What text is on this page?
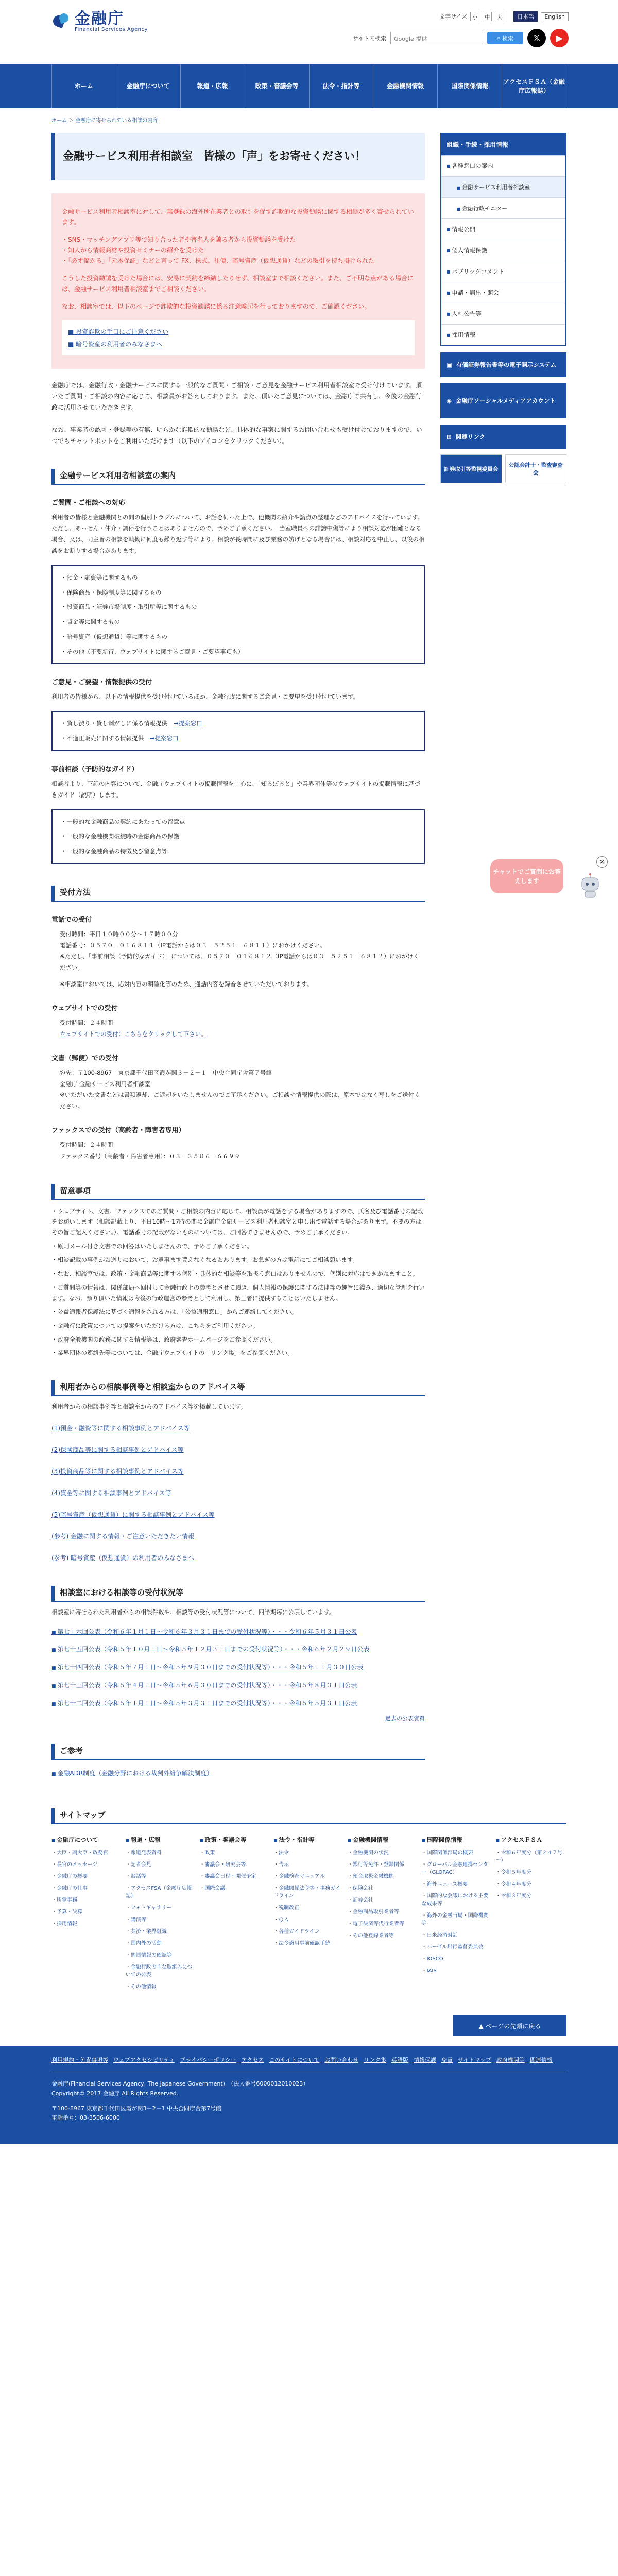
金融庁
Financial Services Agency
文字サイズ	小	中	大	日本語	English
サイト内検索	Google 提供	⌕
検索	𝕏	▶
ホーム	金融庁について	報道・広報	政策・審議会等	法令・指針等	金融機関情報	国際関係情報
アクセスＦＳＡ（金融庁広報誌）
ホーム ＞ 金融庁に寄せられている相談の内容
金融サービス利用者相談室　皆様の「声」をお寄せください！

金融サービス利用者相談室に対して、無登録の海外所在業者との取引を促す詐欺的な投資勧誘に関する相談が多く寄せられています。

・SNS・マッチングアプリ等で知り合った者や著名人を騙る者から投資勧誘を受けた

・知人から情報商材や投資セミナーの紹介を受けた

・「必ず儲かる」「元本保証」などと言って FX、株式、社債、暗号資産（仮想通貨）などの取引を持ち掛けられた

こうした投資勧誘を受けた場合には、安易に契約を締結したりせず、相談室まで相談ください。また、ご不明な点がある場合には、金融サービス利用者相談室までご相談ください。

なお、相談室では、以下のページで詐欺的な投資勧誘に係る注意喚起を行っておりますので、ご確認ください。

■ 投資詐欺の手口にご注意ください
■ 暗号資産の利用者のみなさまへ

金融庁では、金融行政・金融サービスに関する一般的なご質問・ご相談・ご意見を金融サービス利用者相談室で受け付けています。頂いたご質問・ご相談の内容に応じて、相談員がお答えしております。また、頂いたご意見については、金融庁で共有し、今後の金融行政に活用させていただきます。

なお、事業者の認可・登録等の有無、明らかな詐欺的な勧誘など、具体的な事案に関するお問い合わせも受け付けておりますので、いつでもチャットボットをご利用いただけます（以下のアイコンをクリックください）。

金融サービス利用者相談室の案内
ご質問・ご相談への対応

利用者の皆様と金融機関との間の個別トラブルについて、お話を伺った上で、他機関の紹介や論点の整理などのアドバイスを行っています。ただし、あっせん・仲介・調停を行うことはありませんので、予めご了承ください。　当室職員への誹謗中傷等により相談対応が困難となる場合、又は、同主旨の相談を執拗に何度も繰り返す等により、相談が長時間に及び業務の妨げとなる場合には、相談対応を中止し、以後の相談をお断りする場合があります。

・ 預金・融資等に関するもの
・ 保険商品・保険制度等に関するもの
・ 投資商品・証券市場制度・取引所等に関するもの
・ 貸金等に関するもの
・ 暗号資産（仮想通貨）等に関するもの
・ その他（不要新行、ウェブサイトに関するご意見・ご要望事項も）
ご意見・ご要望・情報提供の受付

利用者の皆様から、以下の情報提供を受け付けているほか、金融行政に関するご意見・ご要望を受け付けています。

・ 貸し渋り・貸し剥がしに係る情報提供 →提案窓口
・ 不適正販売に関する情報提供 →提案窓口
事前相談（予防的なガイド）

相談者より、下記の内容について、金融庁ウェブサイトの掲載情報を中心に、「知るぼると」や業界団体等のウェブサイトの掲載情報に基づきガイド（説明）します。

・ 一般的な金融商品の契約にあたっての留意点
・ 一般的な金融機関破綻時の金融商品の保護
・ 一般的な金融商品の特徴及び留意点等
受付方法
電話での受付
受付時間：平日１０時００分～１７時００分
電話番号：０５７０－０１６８１１（IP電話からは０３－５２５１－６８１１）におかけください。
※ただし、「事前相談（予防的なガイド）」については、０５７０－０１６８１２（IP電話からは０３－５２５１－６８１２）におかけください。
※相談室においては、応対内容の明確化等のため、通話内容を録音させていただいております。
ウェブサイトでの受付
受付時間：２４時間
ウェブサイトでの受付：こちらをクリックして下さい。
文書（郵便）での受付
宛先：〒100-8967　東京都千代田区霞が関３－２－１　中央合同庁舎第７号館
金融庁 金融サービス利用者相談室
※いただいた文書などは書類返却、ご返却をいたしませんのでご了承ください。ご相談や情報提供の際は、原本ではなく写しをご送付ください。
ファックスでの受付（高齢者・障害者専用）
受付時間：２４時間
ファックス番号（高齢者・障害者専用）：０３－３５０６－６６９９
留意事項
・ ウェブサイト、文書、ファックスでのご質問・ご相談の内容に応じて、相談員が電話をする場合がありますので、氏名及び電話番号の記載をお願いします（相談記載より、平日10時～17時の間に金融庁金融サービス利用者相談室と申し出て電話する場合があります。不要の方はその旨ご記入ください。）。電話番号の記載がないものについては、ご回答できませんので、予めご了承ください。
・ 原則メール付き文書での回答はいたしませんので、予めご了承ください。
・ 相談記載の事例がお送りにおいて、お返事ます貰えなくなるおあります。お急ぎの方は電話にてご相談願います。
・ なお、相談室では、政策・金融商品等に関する個別・具体的な相談等を取扱う窓口はありませんので、個別に対応はできかねますこと。
・ ご質問等の情報は、関係部局へ回付して金融行政上の参考とさせて頂き、個人情報の保護に関する法律等の趣旨に鑑み、適切な管理を行います。なお、預り頂いた情報は今後の行政運営の参考として利用し、第三者に提供することはいたしません。
・ 公益通報者保護法に基づく通報をされる方は、「公益通報窓口」からご連絡してください。
・ 金融行に政策についての提案をいただける方は、こちらをご利用ください。
・ 政府全般機関の政務に関する情報等は、政府審査ホームページをご参照ください。
・ 業界団体の連絡先等については、金融庁ウェブサイトの「リンク集」をご参照ください。
利用者からの相談事例等と相談室からのアドバイス等

利用者からの相談事例等と相談室からのアドバイス等を掲載しています。

(1)預金・融資等に関する相談事例とアドバイス等
(2)保険商品等に関する相談事例とアドバイス等
(3)投資商品等に関する相談事例とアドバイス等
(4)貸金等に関する相談事例とアドバイス等
(5)暗号資産（仮想通貨）に関する相談事例とアドバイス等
(参考) 金融に関する情報・ご注意いただきたい情報
(参考) 暗号資産（仮想通貨）の利用者のみなさまへ
相談室における相談等の受付状況等

相談室に寄せられた利用者からの相談件数や、相談等の受付状況等について、四半期毎に公表しています。

■ 第七十六回公表（令和６年１月１日～令和６年３月３１日までの受付状況等）・・・令和６年５月３１日公表
■ 第七十五回公表（令和５年１０月１日～令和５年１２月３１日までの受付状況等）・・・令和６年２月２９日公表
■ 第七十四回公表（令和５年７月１日～令和５年９月３０日までの受付状況等）・・・令和５年１１月３０日公表
■ 第七十三回公表（令和５年４月１日～令和５年６月３０日までの受付状況等）・・・令和５年８月３１日公表
■ 第七十二回公表（令和５年１月１日～令和５年３月３１日までの受付状況等）・・・令和５年５月３１日公表
過去の公表資料
ご参考
■ 金融ADR制度（金融分野における裁判外紛争解決制度）
組織・手続・採用情報
■ 各種窓口の案内
■ 金融サービス利用者相談室
■ 金融行政モニター
■ 情報公開
■ 個人情報保護
■ パブリックコメント
■ 申請・届出・照会
■ 入札公告等
■ 採用情報
▣ 有価証券報告書等の電子開示システム
◉ 金融庁ソーシャルメディアアカウント
⊞ 関連リンク
証券取引等監視委員会
公認会計士・監査審査会
チャットでご質問にお答えします
×
サイトマップ
■ 金融庁について
・ 大臣・副大臣・政務官
・ 長官のメッセージ
・ 金融庁の概要
・ 金融庁の仕事
・ 所掌事務
・ 予算・決算
・ 採用情報
■ 報道・広報
・ 報道発表資料
・ 記者会見
・ 談話等
・ アクセスFSA（金融庁広報誌）
・ フォトギャラリー
・ 講演等
・ 共済・業界組織
・ 国内外の活動
・ 関連情報の確認等
・ 金融行政の主な取組みについての公表
・ その他情報
■ 政策・審議会等
・ 政策
・ 審議会・研究会等
・ 審議会日程・開催予定
・ 国際会議
■ 法令・指針等
・ 法令
・ 告示
・ 金融検査マニュアル
・ 金融関係法令等・事務ガイドライン
・ 税制改正
・ ＱＡ
・ 各種ガイドライン
・ 法令適用事前確認手続
■ 金融機関情報
・ 金融機関の状況
・ 銀行等免許・登録関係
・ 預金取扱金融機関
・ 保険会社
・ 証券会社
・ 金融商品取引業者等
・ 電子決済等代行業者等
・ その他登録業者等
■ 国際関係情報
・ 国際関係部局の概要
・ グローバル金融連携センター（GLOPAC）
・ 海外ニュース概要
・ 国際的な会議における主要な成果等
・ 海外の金融当局・国際機関等
・ 日米経済対話
・ バーゼル銀行監督委員会
・ IOSCO
・ IAIS
■ アクセスＦＳＡ
・ 令和６年度分（第２４７号～）
・ 令和５年度分
・ 令和４年度分
・ 令和３年度分
▲ ページの先頭に戻る
利用規約・免責事項等 ウェブアクセシビリティ プライバシーポリシー アクセス このサイトについて お問い合わせ リンク集 英語版 情報保護 免責 サイトマップ 政府機関等 関連情報
金融庁(Financial Services Agency, The Japanese Government)　（法人番号6000012010023）
Copyright© 2017 金融庁 All Rights Reserved.
〒100-8967 東京都千代田区霞が関3－2－1 中央合同庁舎第7号館
電話番号：03-3506-6000
